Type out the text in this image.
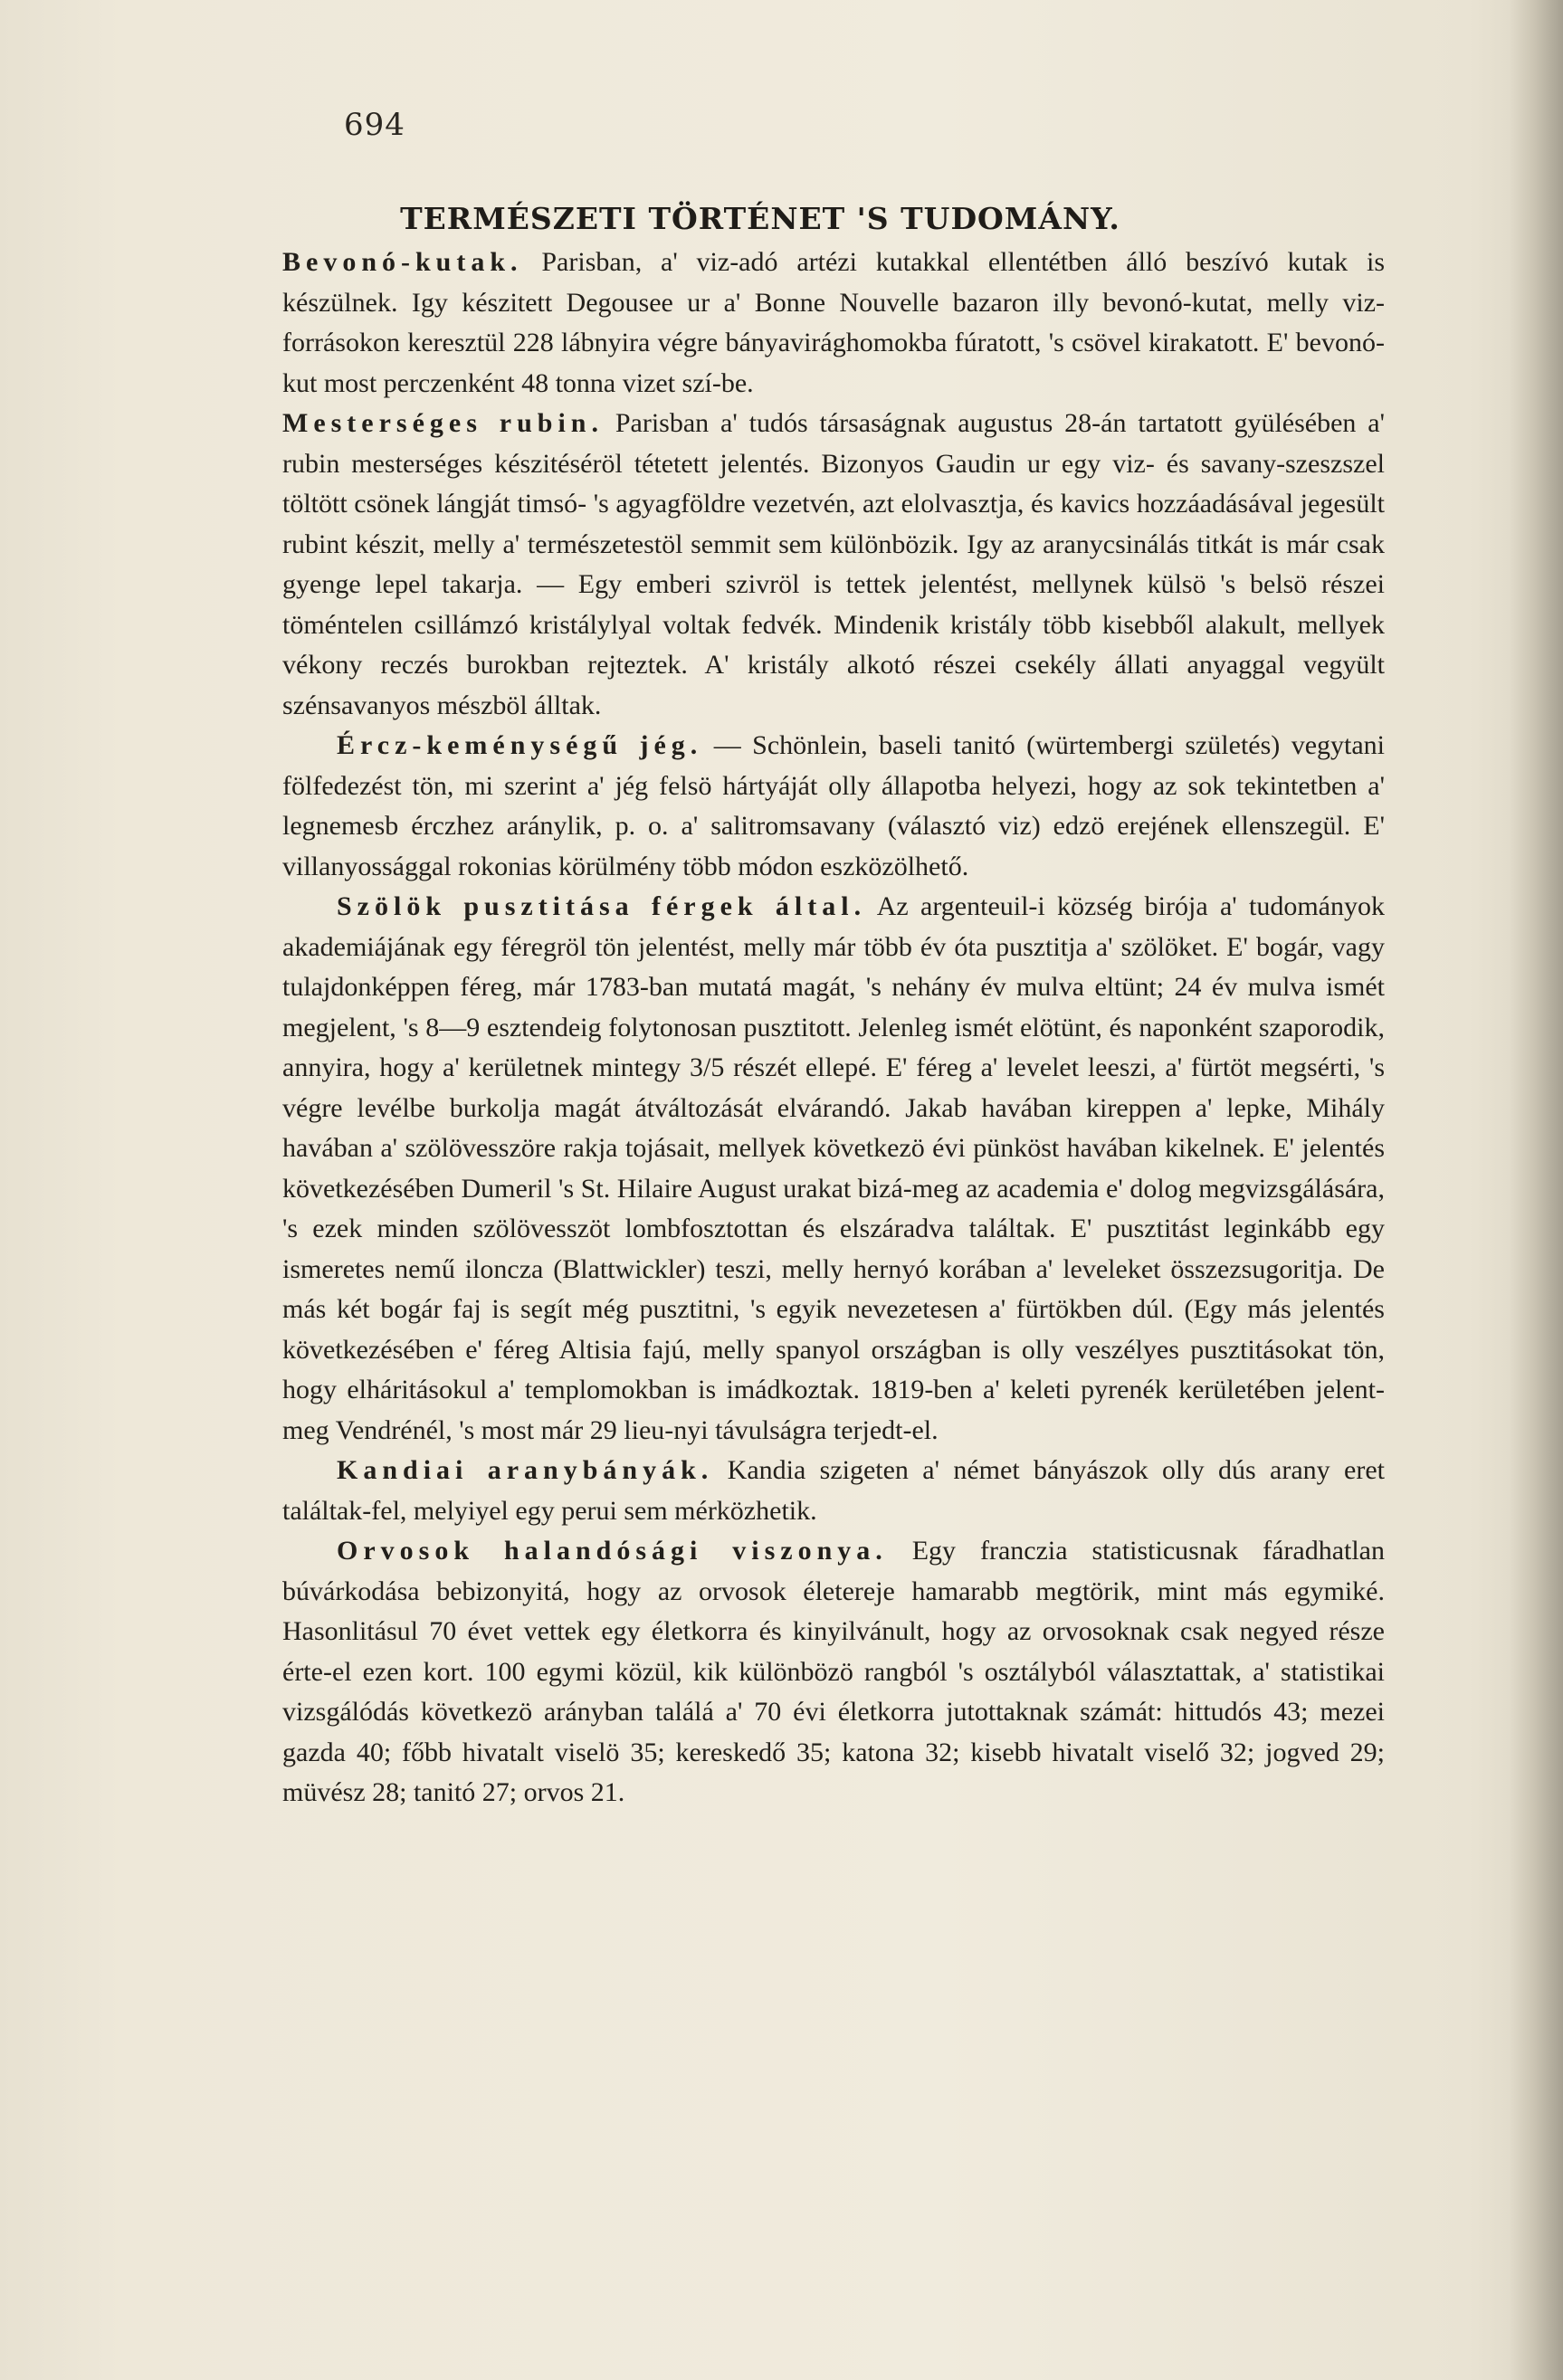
694
TERMÉSZETI TÖRTÉNET 'S TUDOMÁNY.

Bevonó-kutak. Parisban, a' viz-adó artézi kutakkal ellentétben álló beszívó kutak is készülnek. Igy készitett Degousee ur a' Bonne Nouvelle bazaron illy bevonó-kutat, melly viz-forrásokon keresztül 228 lábnyira végre bányavirághomokba fúratott, 's csövel kirakatott. E' bevonó-kut most perczenként 48 tonna vizet szí-be.

Mesterséges rubin. Parisban a' tudós társaságnak augustus 28-án tartatott gyülésében a' rubin mesterséges készitéséröl tétetett jelentés. Bizonyos Gaudin ur egy viz- és savany-szeszszel töltött csönek lángját timsó- 's agyagföldre vezetvén, azt elolvasztja, és kavics hozzáadásával jegesült rubint készit, melly a' természetestöl semmit sem különbözik. Igy az aranycsinálás titkát is már csak gyenge lepel takarja. — Egy emberi szivröl is tettek jelentést, mellynek külsö 's belsö részei töméntelen csillámzó kristálylyal voltak fedvék. Mindenik kristály több kisebből alakult, mellyek vékony reczés burokban rejteztek. A' kristály alkotó részei csekély állati anyaggal vegyült szénsavanyos mészböl álltak.

Ércz-keménységű jég. — Schönlein, baseli tanitó (würtembergi születés) vegytani fölfedezést tön, mi szerint a' jég felsö hártyáját olly állapotba helyezi, hogy az sok tekintetben a' legnemesb érczhez aránylik, p. o. a' salitromsavany (választó viz) edzö erejének ellenszegül. E' villanyossággal rokonias körülmény több módon eszközölhető.

Szölök pusztitása férgek által. Az argenteuil-i község birója a' tudományok akademiájának egy féregröl tön jelentést, melly már több év óta pusztitja a' szölöket. E' bogár, vagy tulajdonképpen féreg, már 1783-ban mutatá magát, 's nehány év mulva eltünt; 24 év mulva ismét megjelent, 's 8—9 esztendeig folytonosan pusztitott. Jelenleg ismét elötünt, és naponként szaporodik, annyira, hogy a' kerületnek mintegy 3/5 részét ellepé. E' féreg a' levelet leeszi, a' fürtöt megsérti, 's végre levélbe burkolja magát átváltozását elvárandó. Jakab havában kireppen a' lepke, Mihály havában a' szölövesszöre rakja tojásait, mellyek következö évi pünköst havában kikelnek. E' jelentés következésében Dumeril 's St. Hilaire August urakat bizá-meg az academia e' dolog megvizsgálására, 's ezek minden szölövesszöt lombfosztottan és elszáradva találtak. E' pusztitást leginkább egy ismeretes nemű iloncza (Blattwickler) teszi, melly hernyó korában a' leveleket összezsugoritja. De más két bogár faj is segít még pusztitni, 's egyik nevezetesen a' fürtökben dúl. (Egy más jelentés következésében e' féreg Altisia fajú, melly spanyol országban is olly veszélyes pusztitásokat tön, hogy elháritásokul a' templomokban is imádkoztak. 1819-ben a' keleti pyrenék kerületében jelent-meg Vendrénél, 's most már 29 lieu-nyi távulságra terjedt-el.

Kandiai aranybányák. Kandia szigeten a' német bányászok olly dús arany eret találtak-fel, melyiyel egy perui sem mérközhetik.

Orvosok halandósági viszonya. Egy franczia statisticusnak fáradhatlan búvárkodása bebizonyitá, hogy az orvosok életereje hamarabb megtörik, mint más egymiké. Hasonlitásul 70 évet vettek egy életkorra és kinyilvánult, hogy az orvosoknak csak negyed része érte-el ezen kort. 100 egymi közül, kik különbözö rangból 's osztályból választattak, a' statistikai vizsgálódás következö arányban találá a' 70 évi életkorra jutottaknak számát: hittudós 43; mezei gazda 40; főbb hivatalt viselö 35; kereskedő 35; katona 32; kisebb hivatalt viselő 32; jogved 29; müvész 28; tanitó 27; orvos 21.
